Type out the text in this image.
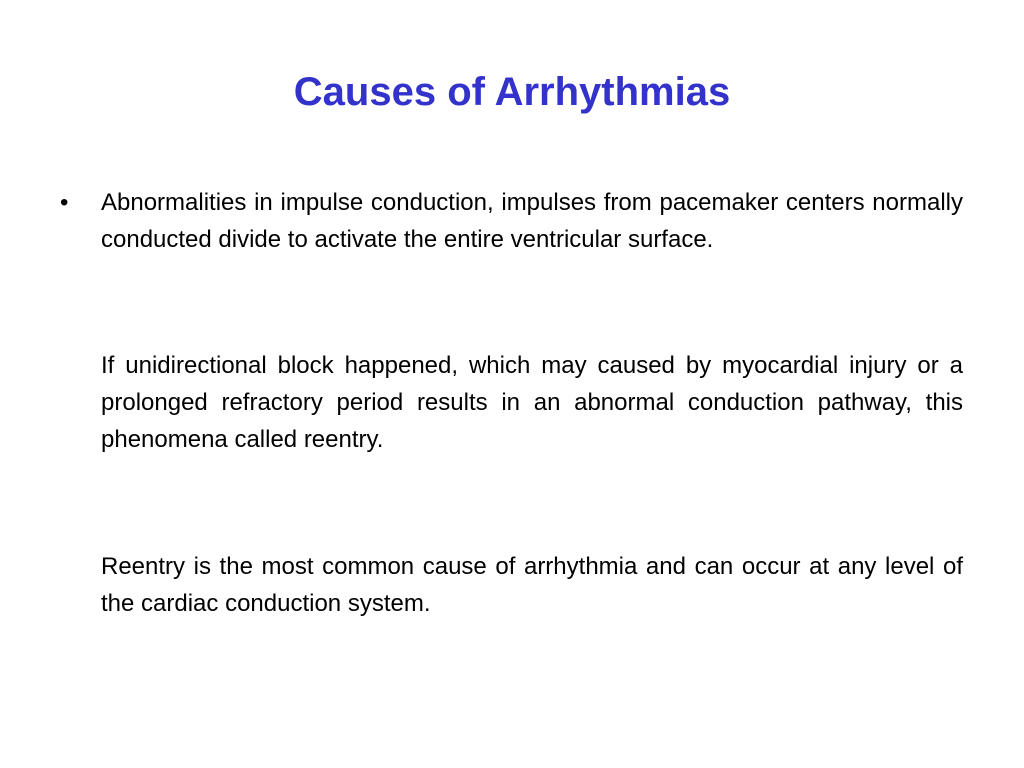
Causes of Arrhythmias
• Abnormalities in impulse conduction, impulses from pacemaker centers normally conducted divide to activate the entire ventricular surface.

If unidirectional block happened, which may caused by myocardial injury or a prolonged refractory period results in an abnormal conduction pathway, this phenomena called reentry.

Reentry is the most common cause of arrhythmia and can occur at any level of the cardiac conduction system.
